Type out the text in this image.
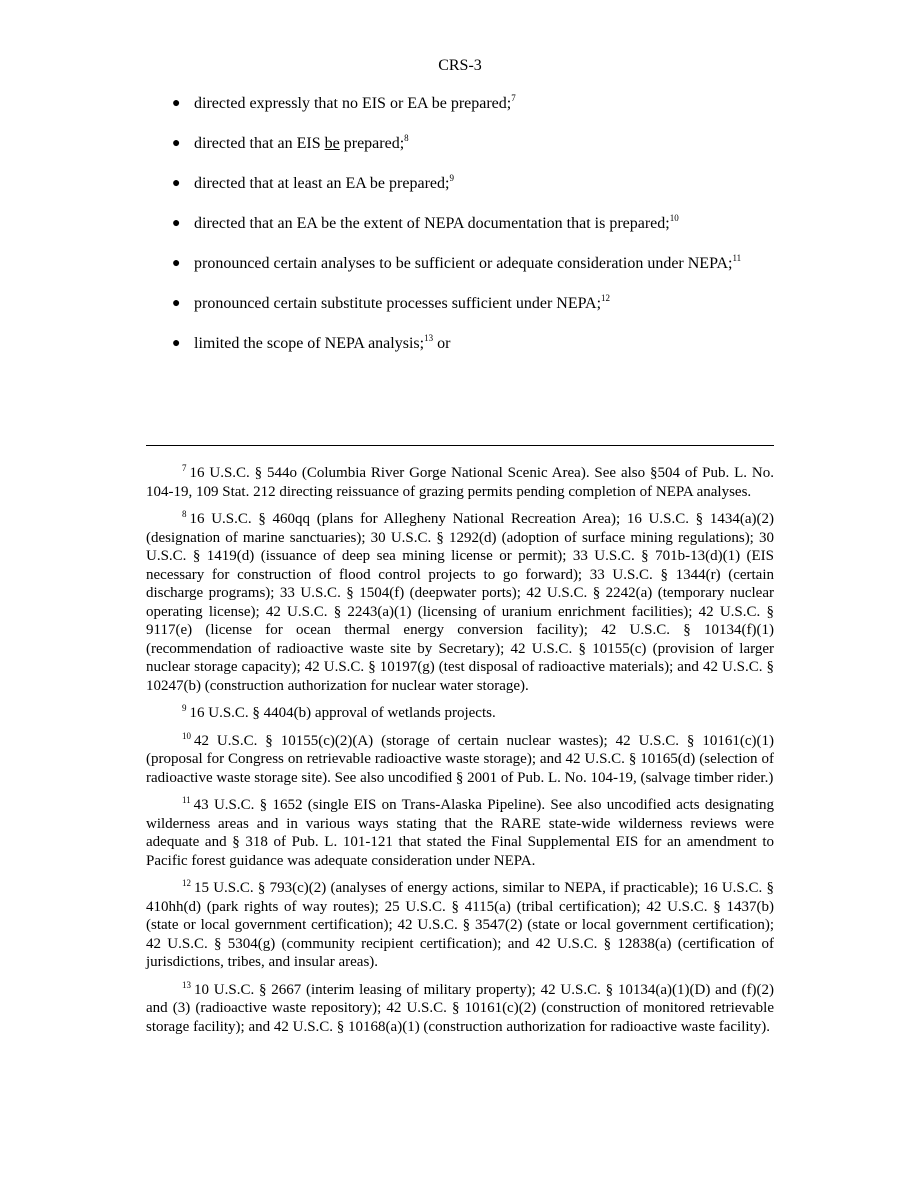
CRS-3
● directed expressly that no EIS or EA be prepared;$^7$
● directed that an EIS be prepared;$^8$
● directed that at least an EA be prepared;$^9$
● directed that an EA be the extent of NEPA documentation that is prepared;$^{10}$
● pronounced certain analyses to be sufficient or adequate consideration under NEPA;$^{11}$
● pronounced certain substitute processes sufficient under NEPA;$^{12}$
● limited the scope of NEPA analysis;$^{13}$ or

$^7$ 16 U.S.C. § 544o (Columbia River Gorge National Scenic Area). See also §504 of Pub. L. No. 104-19, 109 Stat. 212 directing reissuance of grazing permits pending completion of NEPA analyses.

$^8$ 16 U.S.C. § 460qq (plans for Allegheny National Recreation Area); 16 U.S.C. § 1434(a)(2) (designation of marine sanctuaries); 30 U.S.C. § 1292(d) (adoption of surface mining regulations); 30 U.S.C. § 1419(d) (issuance of deep sea mining license or permit); 33 U.S.C. § 701b-13(d)(1) (EIS necessary for construction of flood control projects to go forward); 33 U.S.C. § 1344(r) (certain discharge programs); 33 U.S.C. § 1504(f) (deepwater ports); 42 U.S.C. § 2242(a) (temporary nuclear operating license); 42 U.S.C. § 2243(a)(1) (licensing of uranium enrichment facilities); 42 U.S.C. § 9117(e) (license for ocean thermal energy conversion facility); 42 U.S.C. § 10134(f)(1) (recommendation of radioactive waste site by Secretary); 42 U.S.C. § 10155(c) (provision of larger nuclear storage capacity); 42 U.S.C. § 10197(g) (test disposal of radioactive materials); and 42 U.S.C. § 10247(b) (construction authorization for nuclear water storage).

$^9$ 16 U.S.C. § 4404(b) approval of wetlands projects.

$^{10}$ 42 U.S.C. § 10155(c)(2)(A) (storage of certain nuclear wastes); 42 U.S.C. § 10161(c)(1) (proposal for Congress on retrievable radioactive waste storage); and 42 U.S.C. § 10165(d) (selection of radioactive waste storage site). See also uncodified § 2001 of Pub. L. No. 104-19, (salvage timber rider.)

$^{11}$ 43 U.S.C. § 1652 (single EIS on Trans-Alaska Pipeline). See also uncodified acts designating wilderness areas and in various ways stating that the RARE state-wide wilderness reviews were adequate and § 318 of Pub. L. 101-121 that stated the Final Supplemental EIS for an amendment to Pacific forest guidance was adequate consideration under NEPA.

$^{12}$ 15 U.S.C. § 793(c)(2) (analyses of energy actions, similar to NEPA, if practicable); 16 U.S.C. § 410hh(d) (park rights of way routes); 25 U.S.C. § 4115(a) (tribal certification); 42 U.S.C. § 1437(b) (state or local government certification); 42 U.S.C. § 3547(2) (state or local government certification); 42 U.S.C. § 5304(g) (community recipient certification); and 42 U.S.C. § 12838(a) (certification of jurisdictions, tribes, and insular areas).

$^{13}$ 10 U.S.C. § 2667 (interim leasing of military property); 42 U.S.C. § 10134(a)(1)(D) and (f)(2) and (3) (radioactive waste repository); 42 U.S.C. § 10161(c)(2) (construction of monitored retrievable storage facility); and 42 U.S.C. § 10168(a)(1) (construction authorization for radioactive waste facility).
